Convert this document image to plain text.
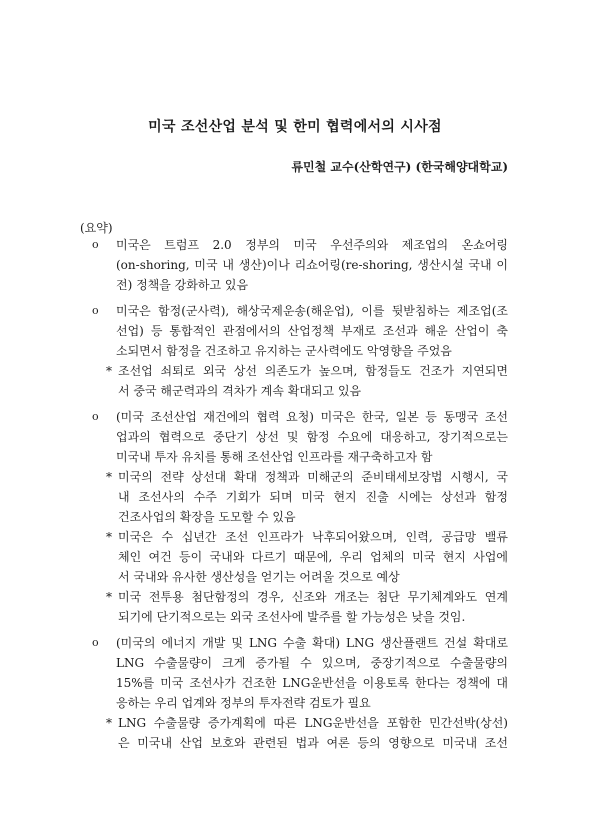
미국 조선산업 분석 및 한미 협력에서의 시사점
류민철 교수(산학연구) (한국해양대학교)
(요약)
ο 미국은 트럼프 2.0 정부의 미국 우선주의와 제조업의 온쇼어링
(on-shoring, 미국 내 생산)이나 리쇼어링(re-shoring, 생산시설 국내 이
전) 정책을 강화하고 있음
ο 미국은 함정(군사력), 해상국제운송(해운업), 이를 뒷받침하는 제조업(조
선업) 등 통합적인 관점에서의 산업정책 부재로 조선과 해운 산업이 축
소되면서 함정을 건조하고 유지하는 군사력에도 악영향을 주었음
* 조선업 쇠퇴로 외국 상선 의존도가 높으며, 함정들도 건조가 지연되면
서 중국 해군력과의 격차가 계속 확대되고 있음
ο (미국 조선산업 재건에의 협력 요청) 미국은 한국, 일본 등 동맹국 조선
업과의 협력으로 중단기 상선 및 함정 수요에 대응하고, 장기적으로는
미국내 투자 유치를 통해 조선산업 인프라를 재구축하고자 함
* 미국의 전략 상선대 확대 정책과 미해군의 준비태세보장법 시행시, 국
내 조선사의 수주 기회가 되며 미국 현지 진출 시에는 상선과 함정
건조사업의 확장을 도모할 수 있음
* 미국은 수 십년간 조선 인프라가 낙후되어왔으며, 인력, 공급망 밸류
체인 여건 등이 국내와 다르기 때문에, 우리 업체의 미국 현지 사업에
서 국내와 유사한 생산성을 얻기는 어려울 것으로 예상
* 미국 전투용 첨단함정의 경우, 신조와 개조는 첨단 무기체계와도 연계
되기에 단기적으로는 외국 조선사에 발주를 할 가능성은 낮을 것임.
ο (미국의 에너지 개발 및 LNG 수출 확대) LNG 생산플랜트 건설 확대로
LNG 수출물량이 크게 증가될 수 있으며, 중장기적으로 수출물량의
15%를 미국 조선사가 건조한 LNG운반선을 이용토록 한다는 정책에 대
응하는 우리 업계와 정부의 투자전략 검토가 필요
* LNG 수출물량 증가계획에 따른 LNG운반선을 포함한 민간선박(상선)
은 미국내 산업 보호와 관련된 법과 여론 등의 영향으로 미국내 조선
